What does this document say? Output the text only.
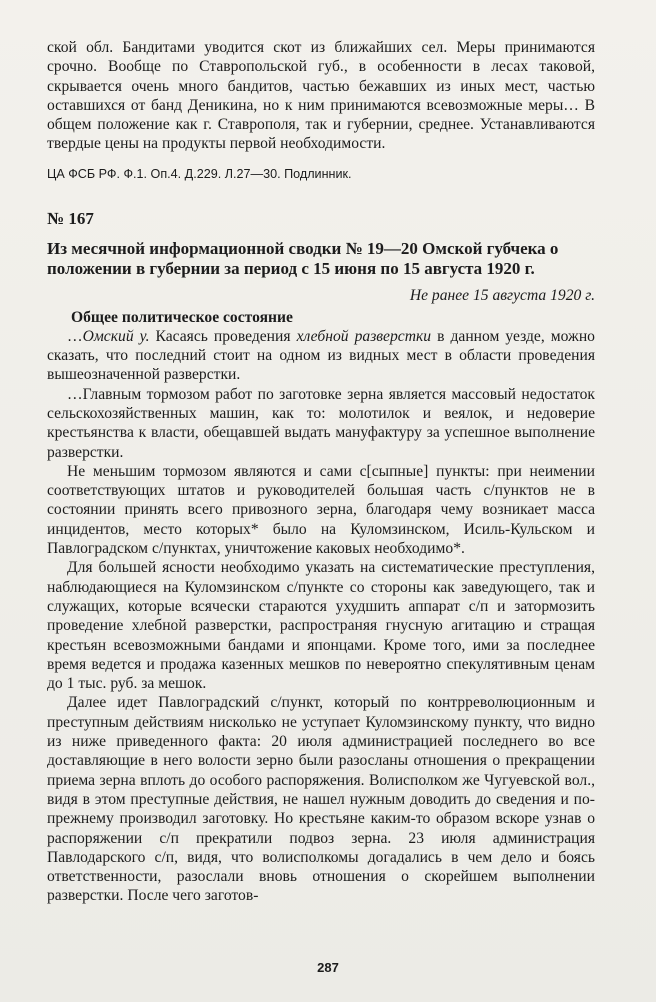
ской обл. Бандитами уводится скот из ближайших сел. Меры принимаются срочно. Вообще по Ставропольской губ., в особенности в лесах таковой, скрывается очень много бандитов, частью бежавших из иных мест, частью оставшихся от банд Деникина, но к ним принимаются всевозможные меры… В общем положение как г. Ставрополя, так и губернии, среднее. Устанавливаются твердые цены на продукты первой необходимости.

ЦА ФСБ РФ. Ф.1. Оп.4. Д.229. Л.27—30. Подлинник.

№ 167
Из месячной информационной сводки № 19—20 Омской губчека о положении в губернии за период с 15 июня по 15 августа 1920 г.
Не ранее 15 августа 1920 г.
Общее политическое состояние

…Омский у. Касаясь проведения хлебной разверстки в данном уезде, можно сказать, что последний стоит на одном из видных мест в области проведения вышеозначенной разверстки.

…Главным тормозом работ по заготовке зерна является массовый недостаток сельскохозяйственных машин, как то: молотилок и веялок, и недоверие крестьянства к власти, обещавшей выдать мануфактуру за успешное выполнение разверстки.

Не меньшим тормозом являются и сами с[сыпные] пункты: при неимении соответствующих штатов и руководителей большая часть с/пунктов не в состоянии принять всего привозного зерна, благодаря чему возникает масса инцидентов, место которых* было на Куломзинском, Исиль-Кульском и Павлоградском с/пунктах, уничтожение каковых необходимо*.

Для большей ясности необходимо указать на систематические преступления, наблюдающиеся на Куломзинском с/пункте со стороны как заведующего, так и служащих, которые всячески стараются ухудшить аппарат с/п и затормозить проведение хлебной разверстки, распространяя гнусную агитацию и стращая крестьян всевозможными бандами и японцами. Кроме того, ими за последнее время ведется и продажа казенных мешков по невероятно спекулятивным ценам до 1 тыс. руб. за мешок.

Далее идет Павлоградский с/пункт, который по контрреволюционным и преступным действиям нисколько не уступает Куломзинскому пункту, что видно из ниже приведенного факта: 20 июля администрацией последнего во все доставляющие в него волости зерно были разосланы отношения о прекращении приема зерна вплоть до особого распоряжения. Волисполком же Чугуевской вол., видя в этом преступные действия, не нашел нужным доводить до сведения и по-прежнему производил заготовку. Но крестьяне каким-то образом вскоре узнав о распоряжении с/п прекратили подвоз зерна. 23 июля администрация Павлодарского с/п, видя, что волисполкомы догадались в чем дело и боясь ответственности, разослали вновь отношения о скорейшем выполнении разверстки. После чего заготов-

287
